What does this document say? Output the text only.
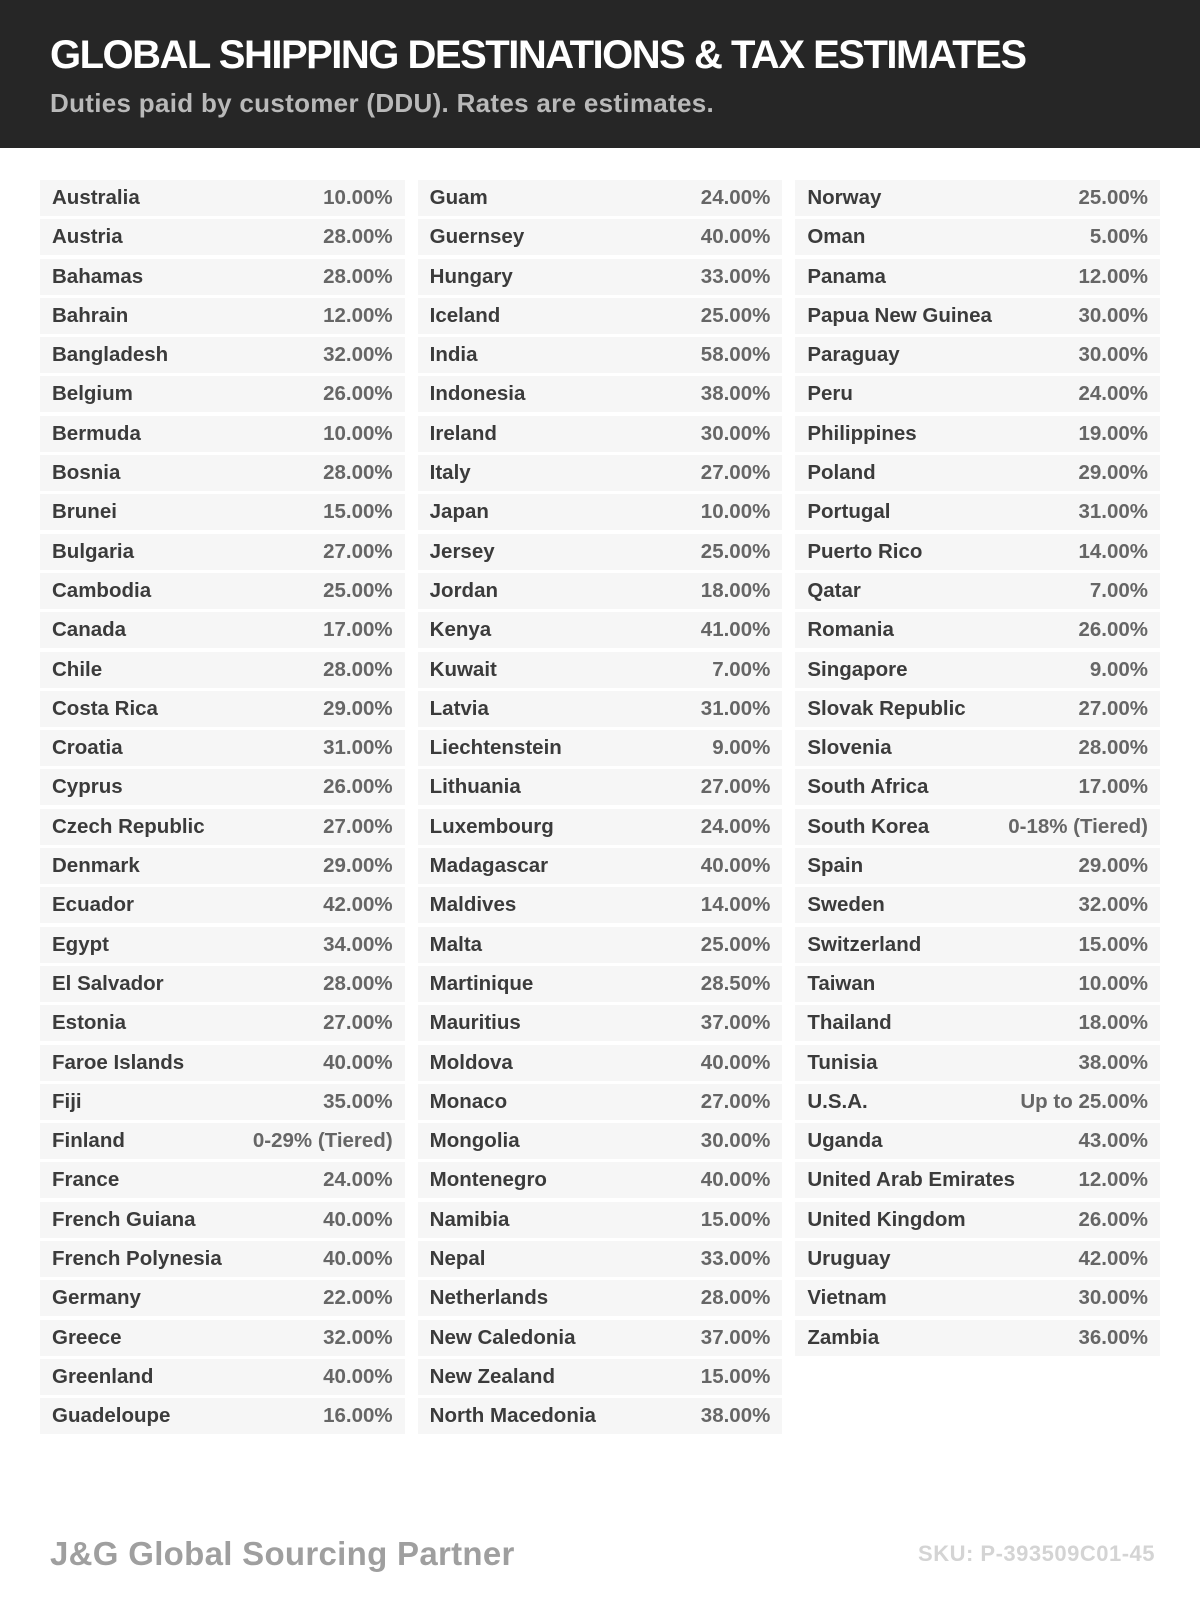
GLOBAL SHIPPING DESTINATIONS & TAX ESTIMATES

Duties paid by customer (DDU). Rates are estimates.

Australia	10.00%
Austria	28.00%
Bahamas	28.00%
Bahrain	12.00%
Bangladesh	32.00%
Belgium	26.00%
Bermuda	10.00%
Bosnia	28.00%
Brunei	15.00%
Bulgaria	27.00%
Cambodia	25.00%
Canada	17.00%
Chile	28.00%
Costa Rica	29.00%
Croatia	31.00%
Cyprus	26.00%
Czech Republic	27.00%
Denmark	29.00%
Ecuador	42.00%
Egypt	34.00%
El Salvador	28.00%
Estonia	27.00%
Faroe Islands	40.00%
Fiji	35.00%
Finland	0-29% (Tiered)
France	24.00%
French Guiana	40.00%
French Polynesia	40.00%
Germany	22.00%
Greece	32.00%
Greenland	40.00%
Guadeloupe	16.00%
Guam	24.00%
Guernsey	40.00%
Hungary	33.00%
Iceland	25.00%
India	58.00%
Indonesia	38.00%
Ireland	30.00%
Italy	27.00%
Japan	10.00%
Jersey	25.00%
Jordan	18.00%
Kenya	41.00%
Kuwait	7.00%
Latvia	31.00%
Liechtenstein	9.00%
Lithuania	27.00%
Luxembourg	24.00%
Madagascar	40.00%
Maldives	14.00%
Malta	25.00%
Martinique	28.50%
Mauritius	37.00%
Moldova	40.00%
Monaco	27.00%
Mongolia	30.00%
Montenegro	40.00%
Namibia	15.00%
Nepal	33.00%
Netherlands	28.00%
New Caledonia	37.00%
New Zealand	15.00%
North Macedonia	38.00%
Norway	25.00%
Oman	5.00%
Panama	12.00%
Papua New Guinea	30.00%
Paraguay	30.00%
Peru	24.00%
Philippines	19.00%
Poland	29.00%
Portugal	31.00%
Puerto Rico	14.00%
Qatar	7.00%
Romania	26.00%
Singapore	9.00%
Slovak Republic	27.00%
Slovenia	28.00%
South Africa	17.00%
South Korea	0-18% (Tiered)
Spain	29.00%
Sweden	32.00%
Switzerland	15.00%
Taiwan	10.00%
Thailand	18.00%
Tunisia	38.00%
U.S.A.	Up to 25.00%
Uganda	43.00%
United Arab Emirates	12.00%
United Kingdom	26.00%
Uruguay	42.00%
Vietnam	30.00%
Zambia	36.00%
J&G Global Sourcing Partner	SKU: P-393509C01-45
